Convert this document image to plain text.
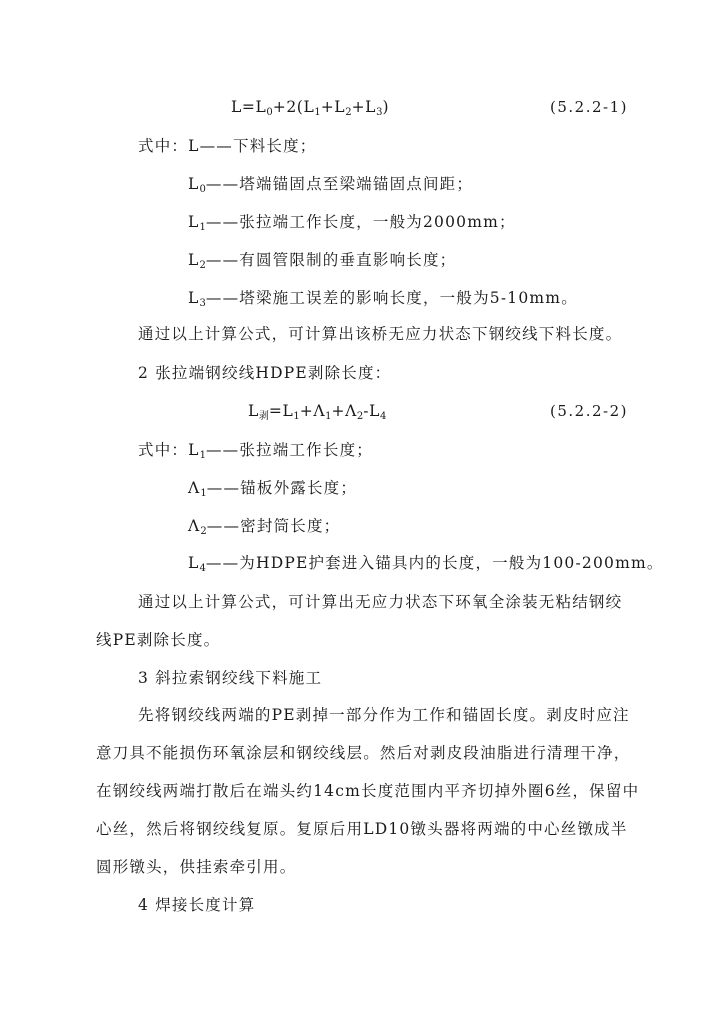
$L=L_0+2(L_1+L_2+L_3)$	(5.2.2-1)
式中：L——下料长度；
$L_0——$塔端锚固点至梁端锚固点间距；
$L_1——$张拉端工作长度，一般为2000mm；
$L_2——$有圆管限制的垂直影响长度；
$L_3——$塔梁施工误差的影响长度，一般为5-10mm。
通过以上计算公式，可计算出该桥无应力状态下钢绞线下料长度。
2 张拉端钢绞线HDPE剥除长度：
$L_剥=L_1+\Lambda_1+\Lambda_2-L_4$	(5.2.2-2)
式中：$L_1——$张拉端工作长度；
$\Lambda_1——$锚板外露长度；
$\Lambda_2——$密封筒长度；
$L_4——$为HDPE护套进入锚具内的长度，一般为100-200mm。
通过以上计算公式，可计算出无应力状态下环氧全涂装无粘结钢绞
线PE剥除长度。
3 斜拉索钢绞线下料施工
先将钢绞线两端的PE剥掉一部分作为工作和锚固长度。剥皮时应注
意刀具不能损伤环氧涂层和钢绞线层。然后对剥皮段油脂进行清理干净，
在钢绞线两端打散后在端头约14cm长度范围内平齐切掉外圈6丝，保留中
心丝，然后将钢绞线复原。复原后用LD10镦头器将两端的中心丝镦成半
圆形镦头，供挂索牵引用。
4 焊接长度计算
